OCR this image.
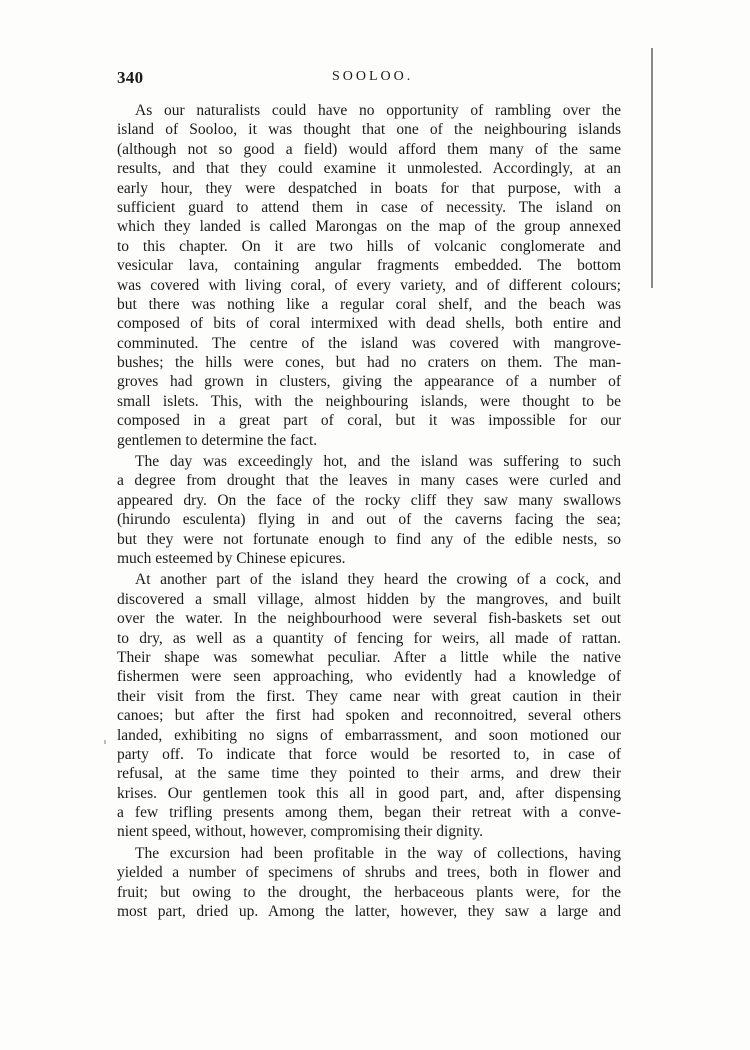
340	SOOLOO.
As our naturalists could have no opportunity of rambling over the
island of Sooloo, it was thought that one of the neighbouring islands
(although not so good a field) would afford them many of the same
results, and that they could examine it unmolested. Accordingly, at an
early hour, they were despatched in boats for that purpose, with a
sufficient guard to attend them in case of necessity. The island on
which they landed is called Marongas on the map of the group annexed
to this chapter. On it are two hills of volcanic conglomerate and
vesicular lava, containing angular fragments embedded. The bottom
was covered with living coral, of every variety, and of different colours;
but there was nothing like a regular coral shelf, and the beach was
composed of bits of coral intermixed with dead shells, both entire and
comminuted. The centre of the island was covered with mangrove-
bushes; the hills were cones, but had no craters on them. The man-
groves had grown in clusters, giving the appearance of a number of
small islets. This, with the neighbouring islands, were thought to be
composed in a great part of coral, but it was impossible for our
gentlemen to determine the fact.
The day was exceedingly hot, and the island was suffering to such
a degree from drought that the leaves in many cases were curled and
appeared dry. On the face of the rocky cliff they saw many swallows
(hirundo esculenta) flying in and out of the caverns facing the sea;
but they were not fortunate enough to find any of the edible nests, so
much esteemed by Chinese epicures.
At another part of the island they heard the crowing of a cock, and
discovered a small village, almost hidden by the mangroves, and built
over the water. In the neighbourhood were several fish-baskets set out
to dry, as well as a quantity of fencing for weirs, all made of rattan.
Their shape was somewhat peculiar. After a little while the native
fishermen were seen approaching, who evidently had a knowledge of
their visit from the first. They came near with great caution in their
canoes; but after the first had spoken and reconnoitred, several others
landed, exhibiting no signs of embarrassment, and soon motioned our
party off. To indicate that force would be resorted to, in case of
refusal, at the same time they pointed to their arms, and drew their
krises. Our gentlemen took this all in good part, and, after dispensing
a few trifling presents among them, began their retreat with a conve-
nient speed, without, however, compromising their dignity.
The excursion had been profitable in the way of collections, having
yielded a number of specimens of shrubs and trees, both in flower and
fruit; but owing to the drought, the herbaceous plants were, for the
most part, dried up. Among the latter, however, they saw a large and
